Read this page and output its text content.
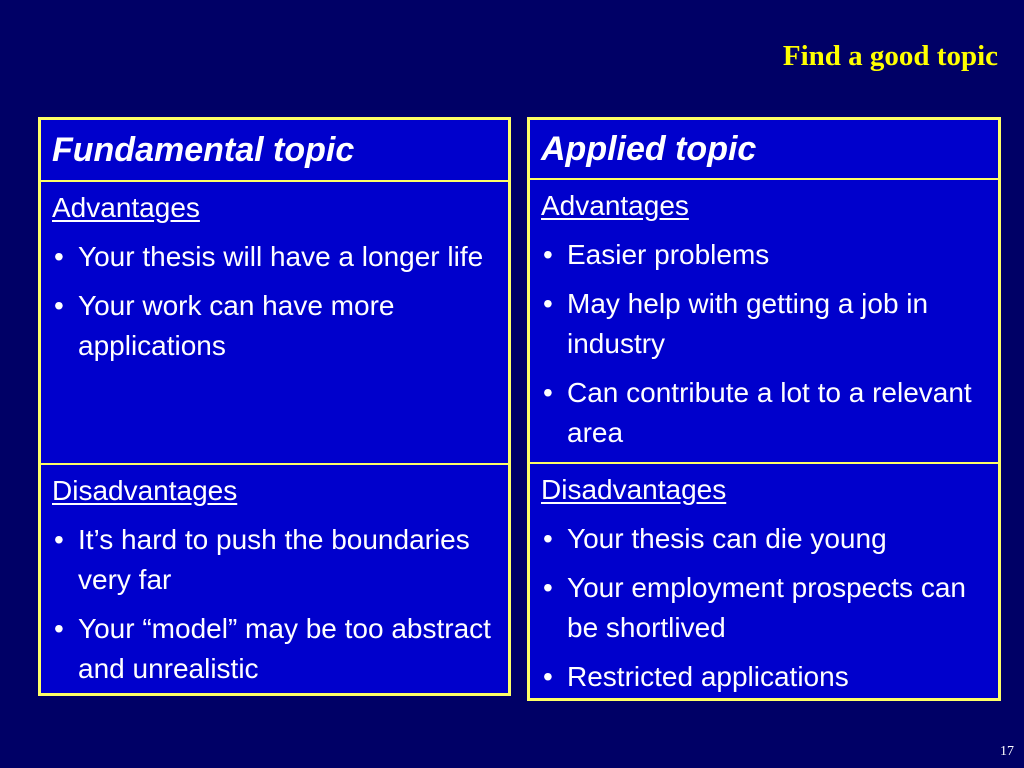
Find a good topic
Fundamental topic
Advantages
• Your thesis will have a longer life
• Your work can have more applications
Disadvantages
• It’s hard to push the boundaries very far
• Your “model” may be too abstract and unrealistic
Applied topic
Advantages
• Easier problems
• May help with getting a job in industry
• Can contribute a lot to a relevant area
Disadvantages
• Your thesis can die young
• Your employment prospects can be shortlived
• Restricted applications
17
